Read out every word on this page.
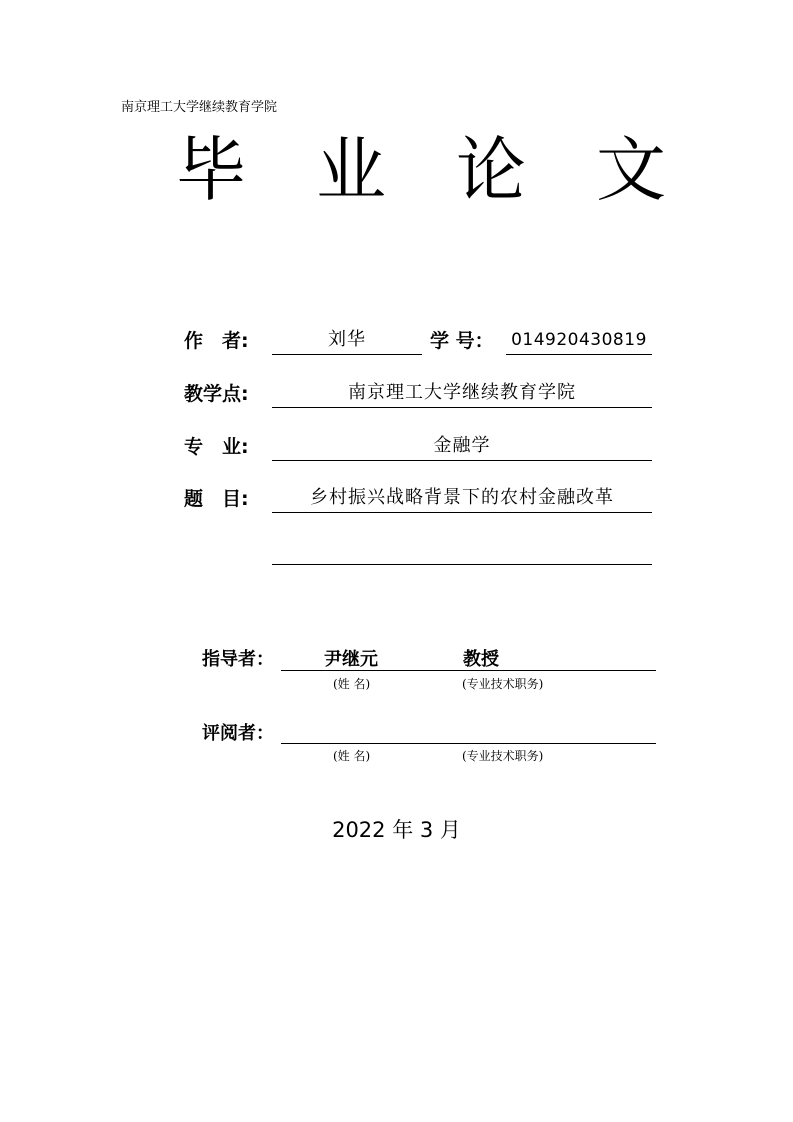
南京理工大学继续教育学院
毕 业 论 文
作　者:	刘华	学 号： 014920430819
教学点:	南京理工大学继续教育学院
专　业:	金融学
题　目:	乡村振兴战略背景下的农村金融改革
指导者：	尹继元	教授
(姓 名)	(专业技术职务)
评阅者：
(姓 名)	(专业技术职务)
2022 年 3 月
